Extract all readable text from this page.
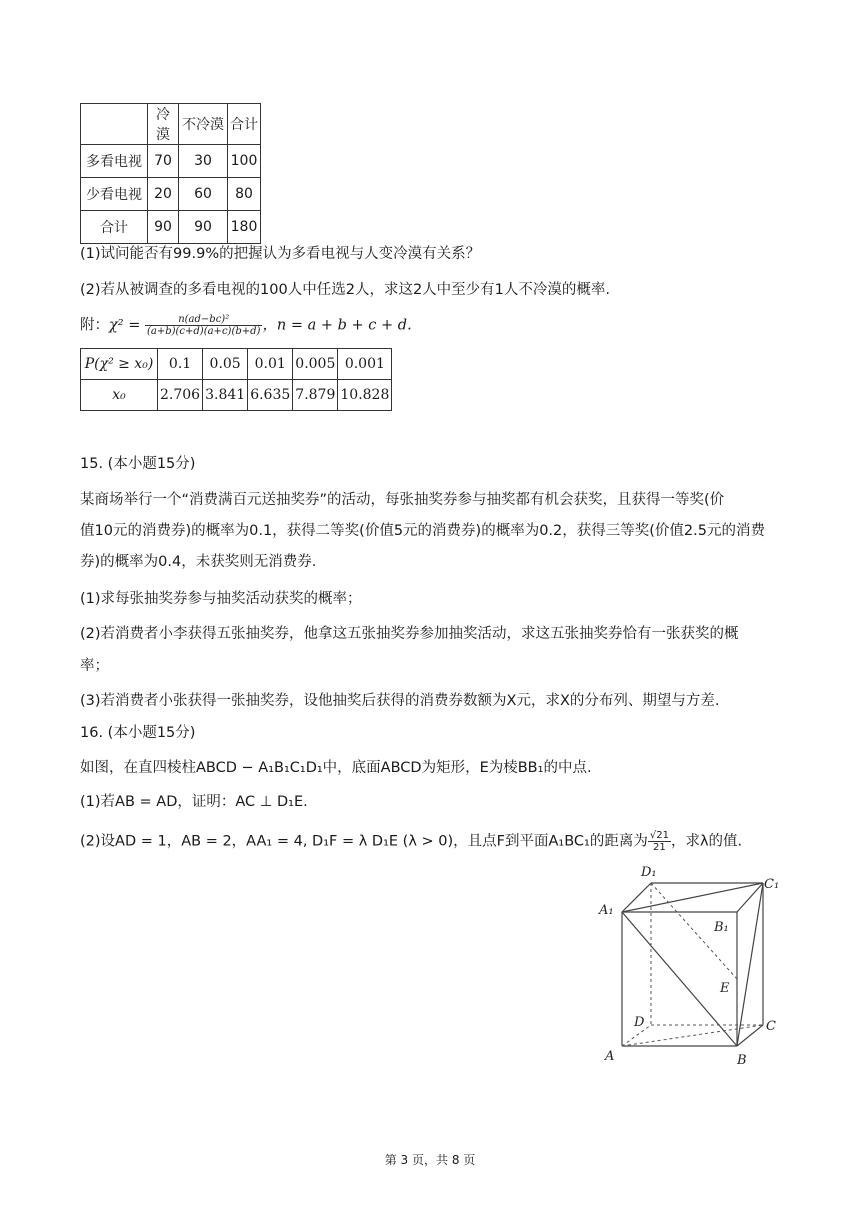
	冷漠	不冷漠	合计
多看电视	70	30	100
少看电视	20	60	80
合计	90	90	180
(1)试问能否有99.9%的把握认为多看电视与人变冷漠有关系？
(2)若从被调查的多看电视的100人中任选2人，求这2人中至少有1人不冷漠的概率.
附：$\chi^2 = \frac{\text{n(ad−bc)²}}{(a+b)(c+d)(a+c)(b+d)}$ ，n = a + b + c + d.
P(χ² ≥ x₀)	0.1	0.05	0.01	0.005	0.001
x₀	2.706	3.841	6.635	7.879	10.828
15. (本小题15分)
某商场举行一个“消费满百元送抽奖券”的活动，每张抽奖券参与抽奖都有机会获奖，且获得一等奖(价
值10元的消费券)的概率为0.1，获得二等奖(价值5元的消费券)的概率为0.2，获得三等奖(价值2.5元的消费
券)的概率为0.4，未获奖则无消费券.
(1)求每张抽奖券参与抽奖活动获奖的概率；
(2)若消费者小李获得五张抽奖券，他拿这五张抽奖券参加抽奖活动，求这五张抽奖券恰有一张获奖的概
率；
(3)若消费者小张获得一张抽奖券，设他抽奖后获得的消费券数额为X元，求X的分布列、期望与方差.
16. (本小题15分)
如图，在直四棱柱ABCD − A₁B₁C₁D₁中，底面ABCD为矩形，E为棱BB₁的中点.
(1)若AB = AD，证明：AC ⊥ D₁E.
(2)设AD = 1，AB = 2，AA₁ = 4, D₁F = λ D₁E (λ > 0)，且点F到平面A₁BC₁的距离为 $\frac{√21}{21}$ ，求λ的值.
D₁
C₁
A₁
B₁
E
D	C
A	B
第 3 页，共 8 页
